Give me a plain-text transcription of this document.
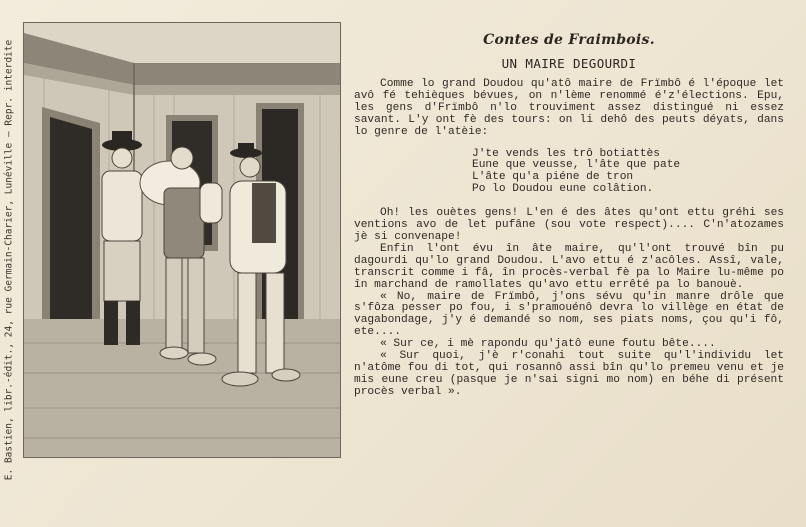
E. Bastien, libr.-édit., 24, rue Germain-Charier, Lunéville — Repr. interdite	Contes de Fraimbois.
UN MAIRE DEGOURDI

Comme lo grand Doudou qu'atô maire de Frïmbô é l'époque let avô fé tehièques bévues, on n'lème renommé é'z'élections. Epu, les gens d'Frïmbô n'lo trouviment assez distingué ni essez savant. L'y ont fè des tours: on li dehô des peuts déyats, dans lo genre de l'atèie:

J'te vends les trô botiattès
Eune que veusse, l'âte que pate
L'âte qu'a piéne de tron
Po lo Doudou eune colâtion.

Oh! les ouètes gens! L'en é des âtes qu'ont ettu gréhi ses ventions avo de let pufâne (sou vote respect).... C'n'atozames jè si convenape!

Enfin l'ont évu în âte maire, qu'l'ont trouvé bîn pu dagourdi qu'lo grand Doudou. L'avo ettu é z'acôles. Assî, vale, transcrit comme i fâ, în procès-verbal fè pa lo Maire lu-même po în marchand de ramollates qu'avo ettu errêté pa lo banouè.

« No, maire de Frïmbô, j'ons sévu qu'in manre drôle que s'fôza pesser po fou, i s'pramouénô devra lo villège en état de vagabondage, j'y é demandé so nom, ses piats noms, çou qu'i fô, ete....

« Sur ce, i mè rapondu qu'jatô eune foutu bête....

« Sur quoi, j'è r'conahi tout suite qu'l'individu let n'atôme fou di tot, qui rosannô assi bîn qu'lo premeu venu et je mis eune creu (pasque je n'sai signi mo nom) en béhe di présent procès verbal ».
